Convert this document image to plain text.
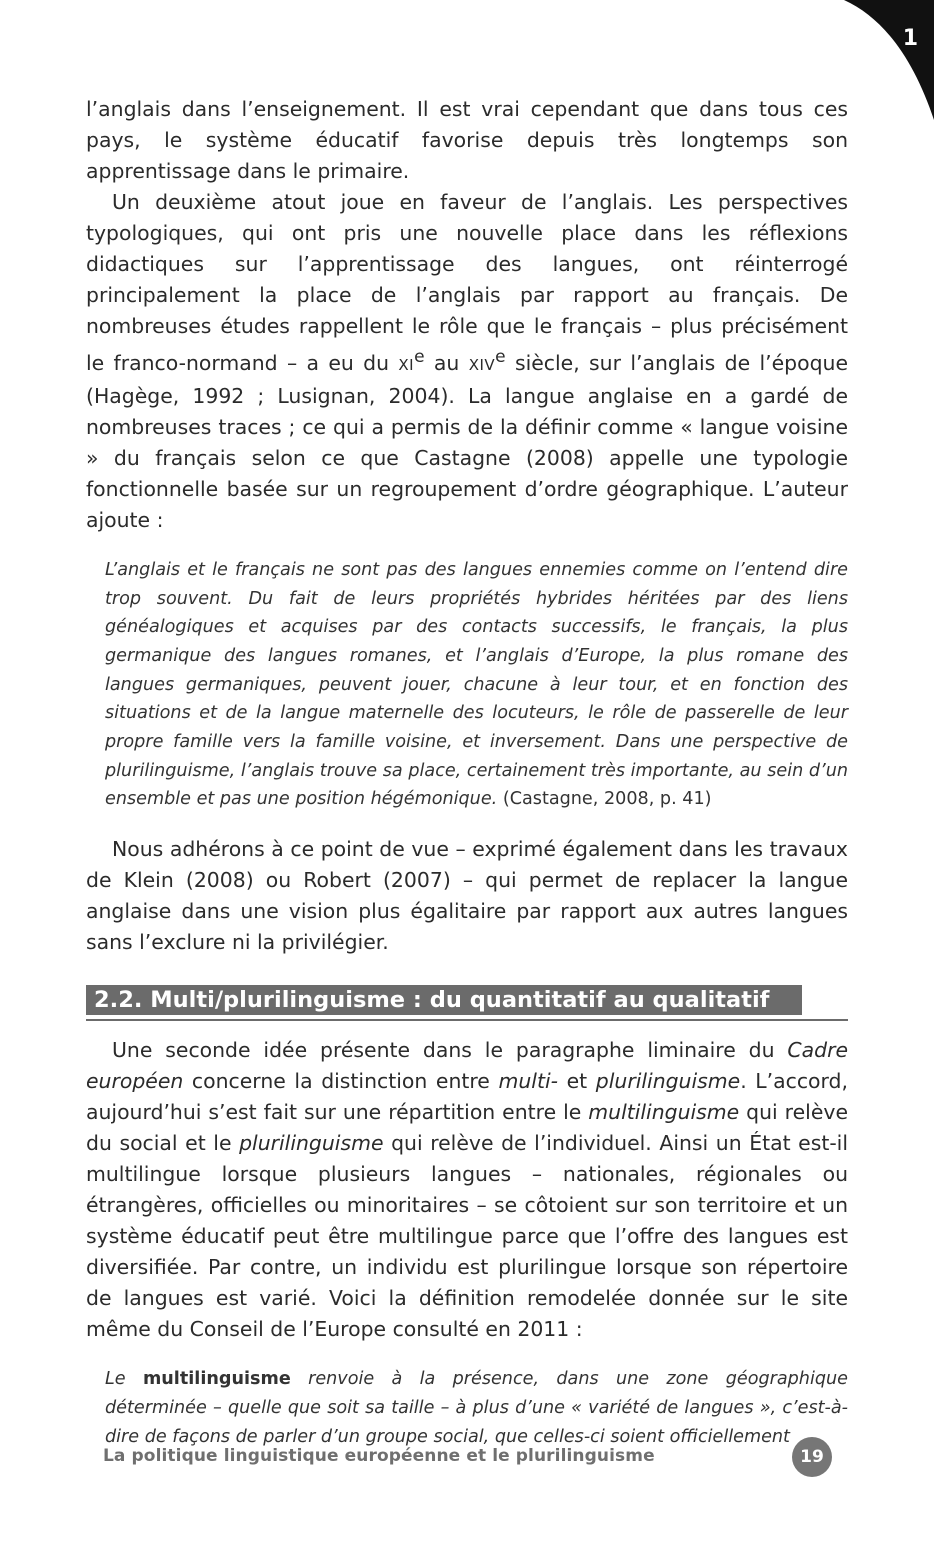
1

l’anglais dans l’enseignement. Il est vrai cependant que dans tous ces pays, le système éducatif favorise depuis très longtemps son apprentissage dans le primaire.

Un deuxième atout joue en faveur de l’anglais. Les perspectives typologiques, qui ont pris une nouvelle place dans les réflexions didactiques sur l’apprentissage des langues, ont réinterrogé principalement la place de l’anglais par rapport au français. De nombreuses études rappellent le rôle que le français – plus précisément le franco-normand – a eu du XIe au XIVe siècle, sur l’anglais de l’époque (Hagège, 1992 ; Lusignan, 2004). La langue anglaise en a gardé de nombreuses traces ; ce qui a permis de la définir comme « langue voisine » du français selon ce que Castagne (2008) appelle une typologie fonctionnelle basée sur un regroupement d’ordre géographique. L’auteur ajoute :

L’anglais et le français ne sont pas des langues ennemies comme on l’entend dire trop souvent. Du fait de leurs propriétés hybrides héritées par des liens généalogiques et acquises par des contacts successifs, le français, la plus germanique des langues romanes, et l’anglais d’Europe, la plus romane des langues germaniques, peuvent jouer, chacune à leur tour, et en fonction des situations et de la langue maternelle des locuteurs, le rôle de passerelle de leur propre famille vers la famille voisine, et inversement. Dans une perspective de plurilinguisme, l’anglais trouve sa place, certainement très importante, au sein d’un ensemble et pas une position hégémonique. (Castagne, 2008, p. 41)

Nous adhérons à ce point de vue – exprimé également dans les travaux de Klein (2008) ou Robert (2007) – qui permet de replacer la langue anglaise dans une vision plus égalitaire par rapport aux autres langues sans l’exclure ni la privilégier.

2.2. Multi/plurilinguisme : du quantitatif au qualitatif

Une seconde idée présente dans le paragraphe liminaire du Cadre européen concerne la distinction entre multi- et plurilinguisme. L’accord, aujourd’hui s’est fait sur une répartition entre le multilinguisme qui relève du social et le plurilinguisme qui relève de l’individuel. Ainsi un État est-il multilingue lorsque plusieurs langues – nationales, régionales ou étrangères, officielles ou minoritaires – se côtoient sur son territoire et un système éducatif peut être multilingue parce que l’offre des langues est diversifiée. Par contre, un individu est plurilingue lorsque son répertoire de langues est varié. Voici la définition remodelée donnée sur le site même du Conseil de l’Europe consulté en 2011 :

Le multilinguisme renvoie à la présence, dans une zone géographique déterminée – quelle que soit sa taille – à plus d’une « variété de langues », c’est-à-dire de façons de parler d’un groupe social, que celles-ci soient officiellement

La politique linguistique européenne et le plurilinguisme	19
